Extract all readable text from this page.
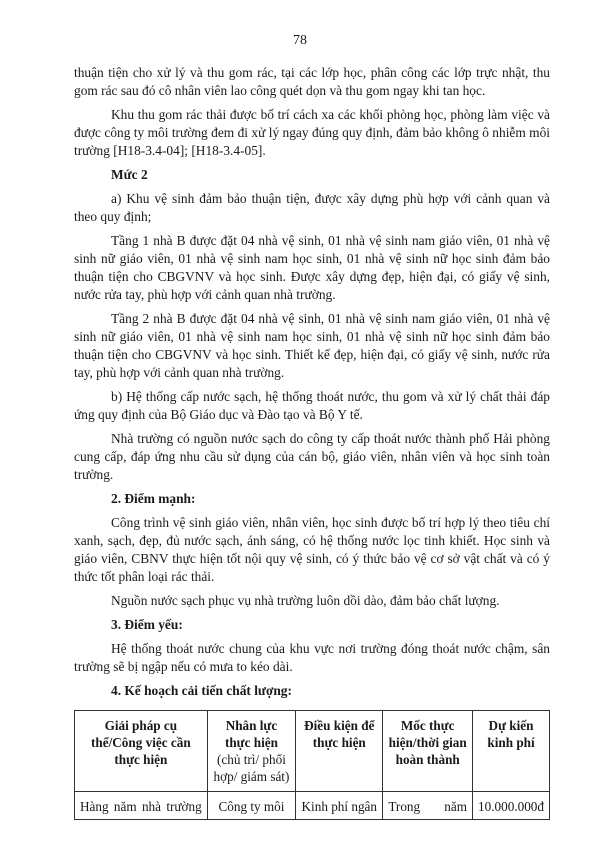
78

thuận tiện cho xử lý và thu gom rác, tại các lớp học, phân công các lớp trực nhật, thu gom rác sau đó cô nhân viên lao công quét dọn và thu gom ngay khi tan học.

Khu thu gom rác thải được bố trí cách xa các khối phòng học, phòng làm việc và được công ty môi trường đem đi xử lý ngay đúng quy định, đảm bảo không ô nhiễm môi trường [H18-3.4-04]; [H18-3.4-05].

Mức 2

a) Khu vệ sinh đảm bảo thuận tiện, được xây dựng phù hợp với cảnh quan và theo quy định;

Tầng 1 nhà B được đặt 04 nhà vệ sinh, 01 nhà vệ sinh nam giáo viên, 01 nhà vệ sinh nữ giáo viên, 01 nhà vệ sinh nam học sinh, 01 nhà vệ sinh nữ học sinh đảm bảo thuận tiện cho CBGVNV và học sinh. Được xây dựng đẹp, hiện đại, có giấy vệ sinh, nước rửa tay, phù hợp với cảnh quan nhà trường.

Tầng 2 nhà B được đặt 04 nhà vệ sinh, 01 nhà vệ sinh nam giáo viên, 01 nhà vệ sinh nữ giáo viên, 01 nhà vệ sinh nam học sinh, 01 nhà vệ sinh nữ học sinh đảm bảo thuận tiện cho CBGVNV và học sinh. Thiết kế đẹp, hiện đại, có giấy vệ sinh, nước rửa tay, phù hợp với cảnh quan nhà trường.

b) Hệ thống cấp nước sạch, hệ thống thoát nước, thu gom và xử lý chất thải đáp ứng quy định của Bộ Giáo dục và Đào tạo và Bộ Y tế.

Nhà trường có nguồn nước sạch do công ty cấp thoát nước thành phố Hải phòng cung cấp, đáp ứng nhu cầu sử dụng của cán bộ, giáo viên, nhân viên và học sinh toàn trường.

2. Điểm mạnh:

Công trình vệ sinh giáo viên, nhân viên, học sinh được bố trí hợp lý theo tiêu chí xanh, sạch, đẹp, đủ nước sạch, ánh sáng, có hệ thống nước lọc tinh khiết. Học sinh và giáo viên, CBNV thực hiện tốt nội quy vệ sinh, có ý thức bảo vệ cơ sở vật chất và có ý thức tốt phân loại rác thải.

Nguồn nước sạch phục vụ nhà trường luôn dồi dào, đảm bảo chất lượng.

3. Điểm yếu:

Hệ thống thoát nước chung của khu vực nơi trường đóng thoát nước chậm, sân trường sẽ bị ngập nếu có mưa to kéo dài.

4. Kế hoạch cải tiến chất lượng:

Giải pháp cụ thể/Công việc cần thực hiện	Nhân lực thực hiện (chủ trì/ phối hợp/ giám sát)	Điều kiện để thực hiện	Mốc thực hiện/thời gian hoàn thành	Dự kiến kinh phí
Hàng năm nhà trường	Công ty môi	Kinh phí ngân	Trong năm	10.000.000đ
